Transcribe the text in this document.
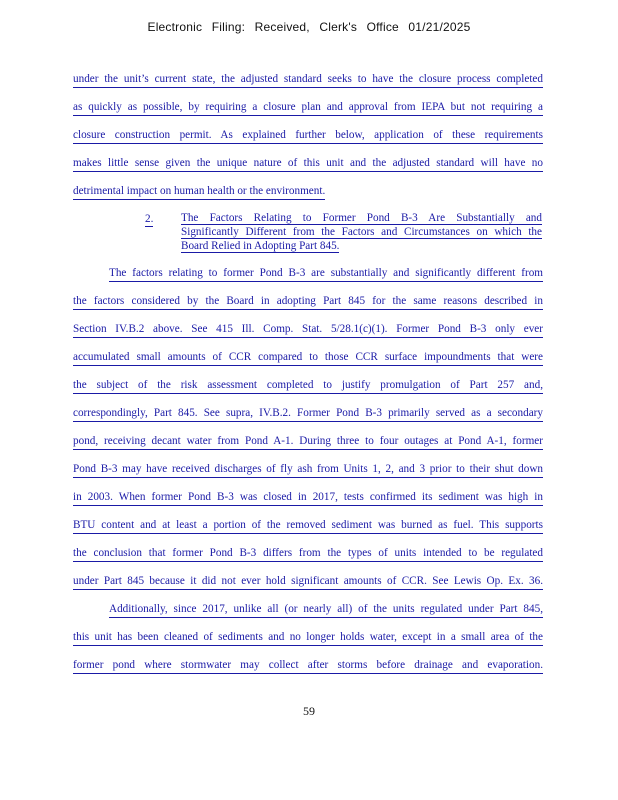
Electronic Filing: Received, Clerk's Office 01/21/2025
under the unit’s current state, the adjusted standard seeks to have the closure process completed
as quickly as possible, by requiring a closure plan and approval from IEPA but not requiring a
closure construction permit. As explained further below, application of these requirements
makes little sense given the unique nature of this unit and the adjusted standard will have no
detrimental impact on human health or the environment.
2. The Factors Relating to Former Pond B-3 Are Substantially and
Significantly Different from the Factors and Circumstances on which the
Board Relied in Adopting Part 845.
The factors relating to former Pond B-3 are substantially and significantly different from
the factors considered by the Board in adopting Part 845 for the same reasons described in
Section IV.B.2 above. See 415 Ill. Comp. Stat. 5/28.1(c)(1). Former Pond B-3 only ever
accumulated small amounts of CCR compared to those CCR surface impoundments that were
the subject of the risk assessment completed to justify promulgation of Part 257 and,
correspondingly, Part 845. See supra, IV.B.2. Former Pond B-3 primarily served as a secondary
pond, receiving decant water from Pond A-1. During three to four outages at Pond A-1, former
Pond B-3 may have received discharges of fly ash from Units 1, 2, and 3 prior to their shut down
in 2003. When former Pond B-3 was closed in 2017, tests confirmed its sediment was high in
BTU content and at least a portion of the removed sediment was burned as fuel. This supports
the conclusion that former Pond B-3 differs from the types of units intended to be regulated
under Part 845 because it did not ever hold significant amounts of CCR. See Lewis Op. Ex. 36.
Additionally, since 2017, unlike all (or nearly all) of the units regulated under Part 845,
this unit has been cleaned of sediments and no longer holds water, except in a small area of the
former pond where stormwater may collect after storms before drainage and evaporation.
59
